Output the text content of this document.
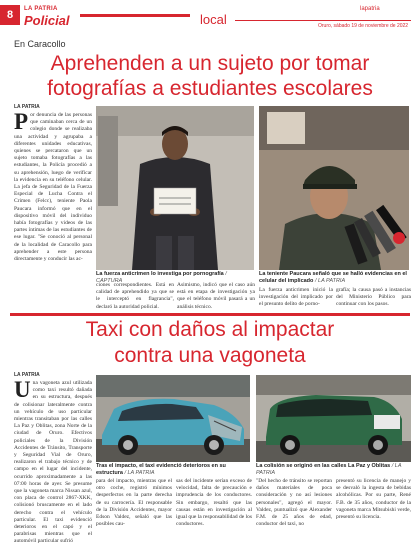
8	LA PATRIA
Policial	local
lapatria
Oruro, sábado 19 de noviembre de 2022
En Caracollo
Aprehenden a un sujeto por tomar
fotografías a estudiantes escolares
LA PATRIA
Por denuncia de las personas que caminaban cerca de un colegio donde se realizaba una actividad y agrupaba a diferentes unidades educativas, quienes se percataron que un sujeto tomaba fotografías a las estudiantes, la Policía procedió a su aprehensión, luego de verificar la evidencia en su teléfono celular. La jefa de Seguridad de la Fuerza Especial de Lucha Contra el Crimen (Felcc), teniente Paola Paucara informó que en el dispositivo móvil del individuo había fotografías y videos de las partes íntimas de las estudiantes de ese lugar. "Se conoció al personal de la localidad de Caracollo para aprehender a este persona directamente y conducir las ac-
La fuerza anticrimen lo investiga por pornografía / CAPTURA
La teniente Paucara señaló que se halló evidencias en el celular del implicado / LA PATRIA
ciones correspondientes. Está en calidad de aprehendido ya que se le interceptó en flagrancia", declaró la autoridad policial.
Asimismo, indicó que el caso aún está en etapa de investigación ya que el teléfono móvil pasará a un análisis técnico.
La fuerza anticrimen inició la investigación del implicado por el presunto delito de porno-
grafía; la causa pasó a instancias del Ministerio Público para continuar con los pasos.
Taxi con daños al impactar
contra una vagoneta
LA PATRIA
Una vagoneta azul utilizada como taxi resultó dañada en su estructura, después de colisionar lateralmente contra un vehículo de uso particular mientras transitaban por las calles La Paz y Oblitas, zona Norte de la ciudad de Oruro. Efectivos policiales de la División Accidentes de Tránsito, Transporte y Seguridad Vial de Oruro, realizaron el trabajo técnico y de campo en el lugar del incidente, ocurrido aproximadamente a las 07:00 horas de ayer. Se presume que la vagoneta marca Nissan azul, con placa de control 2867-XKK, colisionó bruscamente en el lado derecho contra el vehículo particular. El taxi evidenció deterioros en el capó y el parabrisas mientras que el automóvil particular sufrió
Tras el impacto, el taxi evidenció deterioros en su estructura / LA PATRIA
La colisión se originó en las calles La Paz y Oblitas / LA PATRIA
para del impacto, mientras que el otro coche, registró mínimos desperfectos en la parte derecha de su carrocería. El responsable de la División Accidentes, mayor Edson Valdez, señaló que las posibles cau-
sas del incidente serían exceso de velocidad, falta de precaución e imprudencia de los conductores. Sin embargo, resaltó que las causas están en investigación al igual que la responsabilidad de los conductores.
"Del hecho de tránsito se reportan daños materiales de poca consideración y no así lesiones personales", agregó el mayor. Valdez, puntualizó que Alexander F.M. de 25 años de edad, conductor del taxi, no
presentó su licencia de manejo y se desvaló la ingesta de bebidas alcohólicas. Por su parte, René F.B. de 35 años, conductor de la vagoneta marca Mitsubishi verde, presentó su licencia.
